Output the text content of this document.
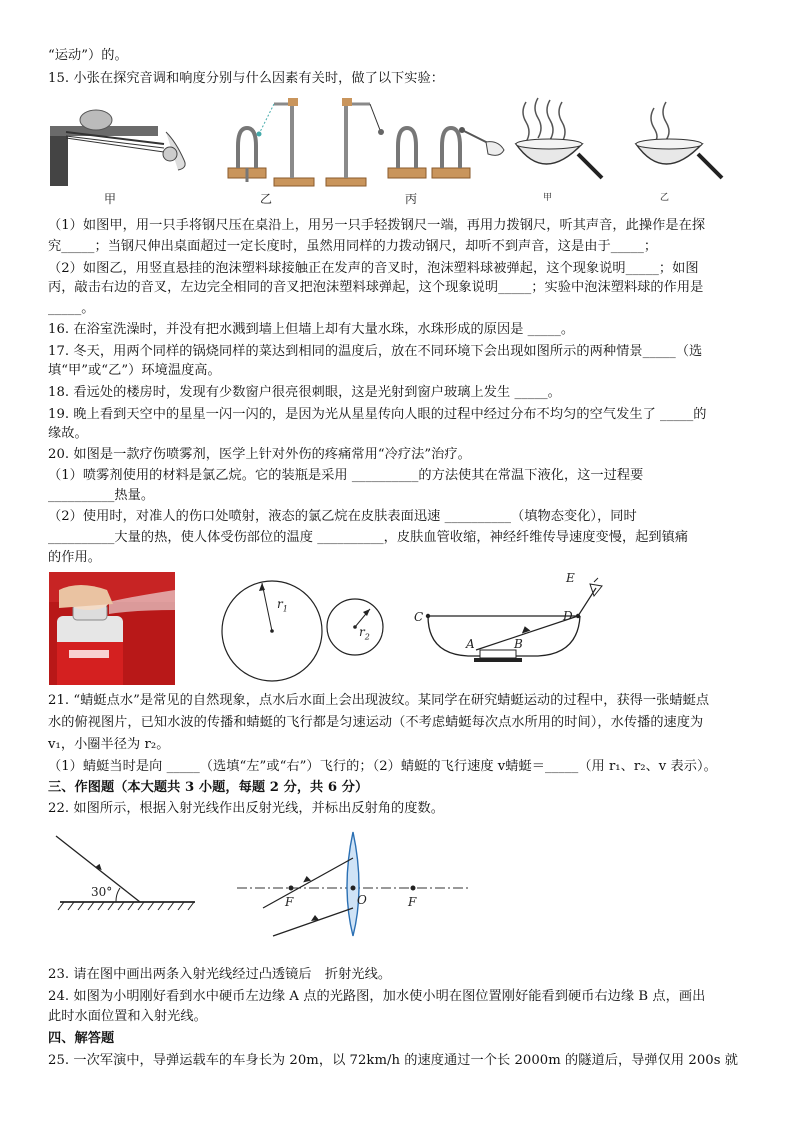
“运动”）的。
15. 小张在探究音调和响度分别与什么因素有关时，做了以下实验：
甲	乙	丙	甲	乙
（1）如图甲，用一只手将钢尺压在桌沿上，用另一只手轻拨钢尺一端，再用力拨钢尺，听其声音，此操作是在探
究_____；当钢尺伸出桌面超过一定长度时，虽然用同样的力拨动钢尺，却听不到声音，这是由于_____；
（2）如图乙，用竖直悬挂的泡沫塑料球接触正在发声的音叉时，泡沫塑料球被弹起，这个现象说明_____；如图
丙，敲击右边的音叉，左边完全相同的音叉把泡沫塑料球弹起，这个现象说明_____；实验中泡沫塑料球的作用是
_____。
16. 在浴室洗澡时，并没有把水溅到墙上但墙上却有大量水珠，水珠形成的原因是 _____。
17. 冬天，用两个同样的锅烧同样的菜达到相同的温度后，放在不同环境下会出现如图所示的两种情景_____（选
填“甲”或“乙”）环境温度高。
18. 看远处的楼房时，发现有少数窗户很亮很刺眼，这是光射到窗户玻璃上发生 _____。
19. 晚上看到天空中的星星一闪一闪的，是因为光从星星传向人眼的过程中经过分布不均匀的空气发生了 _____的
缘故。
20. 如图是一款疗伤喷雾剂，医学上针对外伤的疼痛常用“冷疗法”治疗。
（1）喷雾剂使用的材料是氯乙烷。它的装瓶是采用 __________的方法使其在常温下液化，这一过程要
__________热量。
（2）使用时，对准人的伤口处喷射，液态的氯乙烷在皮肤表面迅速 __________（填物态变化），同时
__________大量的热，使人体受伤部位的温度 __________，皮肤血管收缩，神经纤维传导速度变慢，起到镇痛
的作用。
$r_1$
$r_2$
C	D
E
A	B
21. “蜻蜓点水”是常见的自然现象，点水后水面上会出现波纹。某同学在研究蜻蜓运动的过程中，获得一张蜻蜓点
水的俯视图片，已知水波的传播和蜻蜓的飞行都是匀速运动（不考虑蜻蜓每次点水所用的时间），水传播的速度为
v₁，小圈半径为 r₂。
（1）蜻蜓当时是向 _____（选填“左”或“右”）飞行的；（2）蜻蜓的飞行速度 v蜻蜓＝_____（用 r₁、r₂、v 表示）。
三、作图题（本大题共 3 小题，每题 2 分，共 6 分）
22. 如图所示，根据入射光线作出反射光线，并标出反射角的度数。
30°
F	O	F
23. 请在图中画出两条入射光线经过凸透镜后　折射光线。
24. 如图为小明刚好看到水中硬币左边缘 A 点的光路图，加水使小明在图位置刚好能看到硬币右边缘 B 点，画出
此时水面位置和入射光线。
四、解答题
25. 一次军演中，导弹运载车的车身长为 20m，以 72km/h 的速度通过一个长 2000m 的隧道后，导弹仅用 200s 就
